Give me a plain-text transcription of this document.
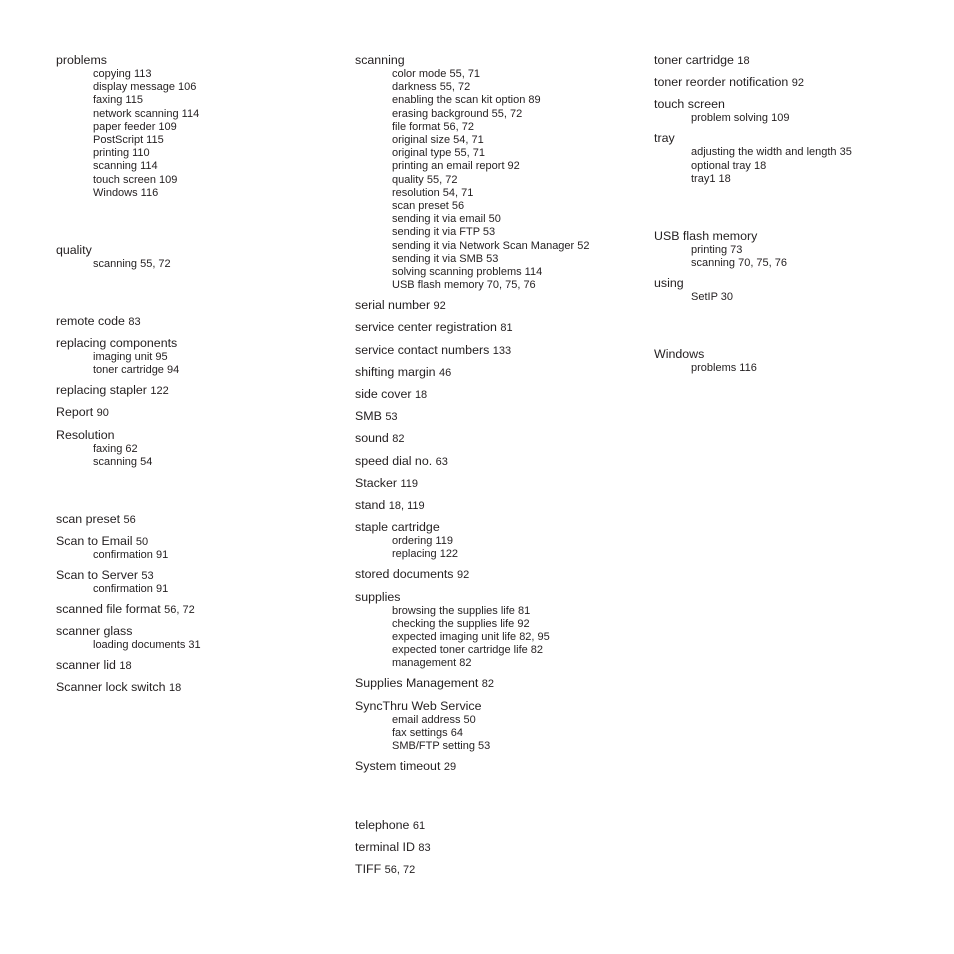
problems
copying 113
display message 106
faxing 115
network scanning 114
paper feeder 109
PostScript 115
printing 110
scanning 114
touch screen 109
Windows 116
quality
scanning 55, 72
remote code 83
replacing components
imaging unit 95
toner cartridge 94
replacing stapler 122
Report 90
Resolution
faxing 62
scanning 54
scan preset 56
Scan to Email 50
confirmation 91
Scan to Server 53
confirmation 91
scanned file format 56, 72
scanner glass
loading documents 31
scanner lid 18
Scanner lock switch 18
scanning
color mode 55, 71
darkness 55, 72
enabling the scan kit option 89
erasing background 55, 72
file format 56, 72
original size 54, 71
original type 55, 71
printing an email report 92
quality 55, 72
resolution 54, 71
scan preset 56
sending it via email 50
sending it via FTP 53
sending it via Network Scan Manager 52
sending it via SMB 53
solving scanning problems 114
USB flash memory 70, 75, 76
serial number 92
service center registration 81
service contact numbers 133
shifting margin 46
side cover 18
SMB 53
sound 82
speed dial no. 63
Stacker 119
stand 18, 119
staple cartridge
ordering 119
replacing 122
stored documents 92
supplies
browsing the supplies life 81
checking the supplies life 92
expected imaging unit life 82, 95
expected toner cartridge life 82
management 82
Supplies Management 82
SyncThru Web Service
email address 50
fax settings 64
SMB/FTP setting 53
System timeout 29
telephone 61
terminal ID 83
TIFF 56, 72
toner cartridge 18
toner reorder notification 92
touch screen
problem solving 109
tray
adjusting the width and length 35
optional tray 18
tray1 18
USB flash memory
printing 73
scanning 70, 75, 76
using
SetIP 30
Windows
problems 116
